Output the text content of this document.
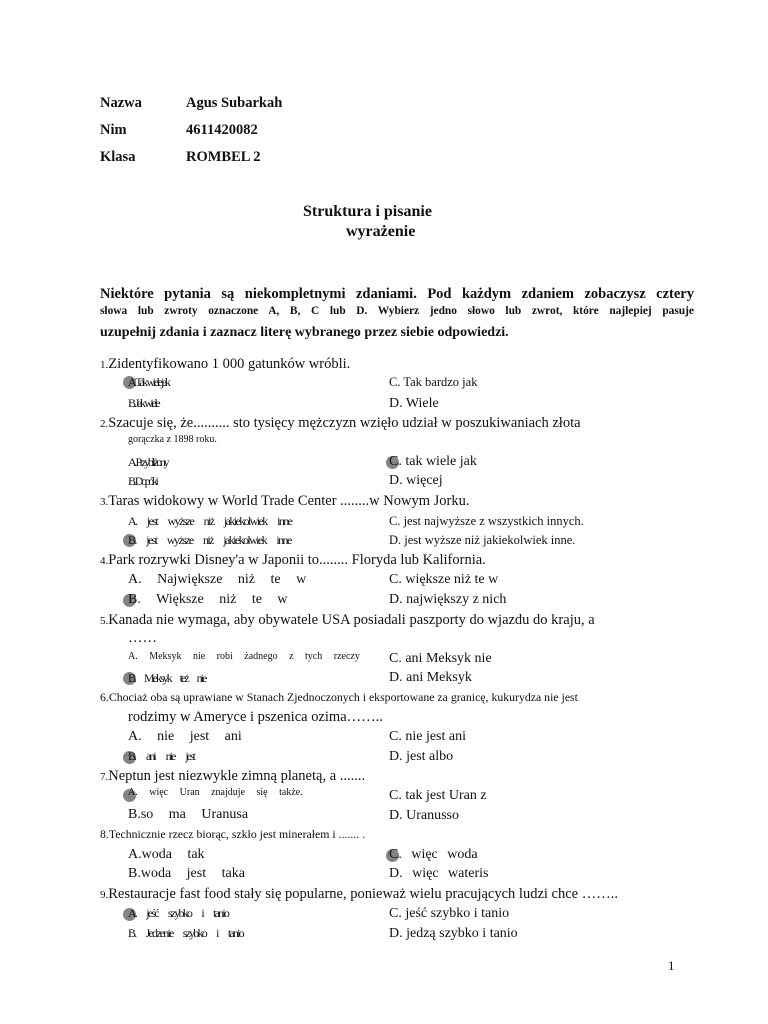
Nazwa	Agus Subarkah
Nim	4611420082
Klasa	ROMBEL 2
Struktura i pisanie
wyrażenie
Niektóre pytania są niekompletnymi zdaniami. Pod każdym zdaniem zobaczysz cztery
słowa lub zwroty oznaczone A, B, C lub D. Wybierz jedno słowo lub zwrot, które najlepiej pasuje
uzupełnij zdania i zaznacz literę wybranego przez siebie odpowiedzi.
1.Zidentyfikowano 1 000 gatunków wróbli.
A. Tak wiele jak	C. Tak bardzo jak
B. Jak wiele	D. Wiele
2.Szacuje się, że.......... sto tysięcy mężczyzn wzięło udział w poszukiwaniach złota
gorączka z 1898 roku.
A. Przybliżony	C. tak wiele jak
B. Dopóki	D. więcej
3.Taras widokowy w World Trade Center ........w Nowym Jorku.
A. jest wyższe niż jakiekolwiek inne	C. jest najwyższe z wszystkich innych.
B. jest wyższe niż jakiekolwiek inne	D. jest wyższe niż jakiekolwiek inne.
4.Park rozrywki Disney'a w Japonii to........ Floryda lub Kalifornia.
A. Największe niż te w	C. większe niż te w
B. Większe niż te w	D. największy z nich
5.Kanada nie wymaga, aby obywatele USA posiadali paszporty do wjazdu do kraju, a
……
A. Meksyk nie robi żadnego z tych rzeczy C. ani Meksyk nie
B. Meksyk też nie	D. ani Meksyk
6.Chociaż oba są uprawiane w Stanach Zjednoczonych i eksportowane za granicę, kukurydza nie jest
rodzimy w Ameryce i pszenica ozima……..
A. nie jest ani	C. nie jest ani
B. ani nie jest	D. jest albo
7.Neptun jest niezwykle zimną planetą, a .......
A. więc Uran znajduje się także.	C. tak jest Uran z
B.so ma Uranusa	D. Uranusso
8.Technicznie rzecz biorąc, szkło jest minerałem i ....... .
A.woda tak	C. więc woda
B.woda jest taka	D. więc wateris
9.Restauracje fast food stały się popularne, ponieważ wielu pracujących ludzi chce ……..
A. jeść szybko i tanio	C. jeść szybko i tanio
B. Jedzenie szybko i tanio	D. jedzą szybko i tanio
1
